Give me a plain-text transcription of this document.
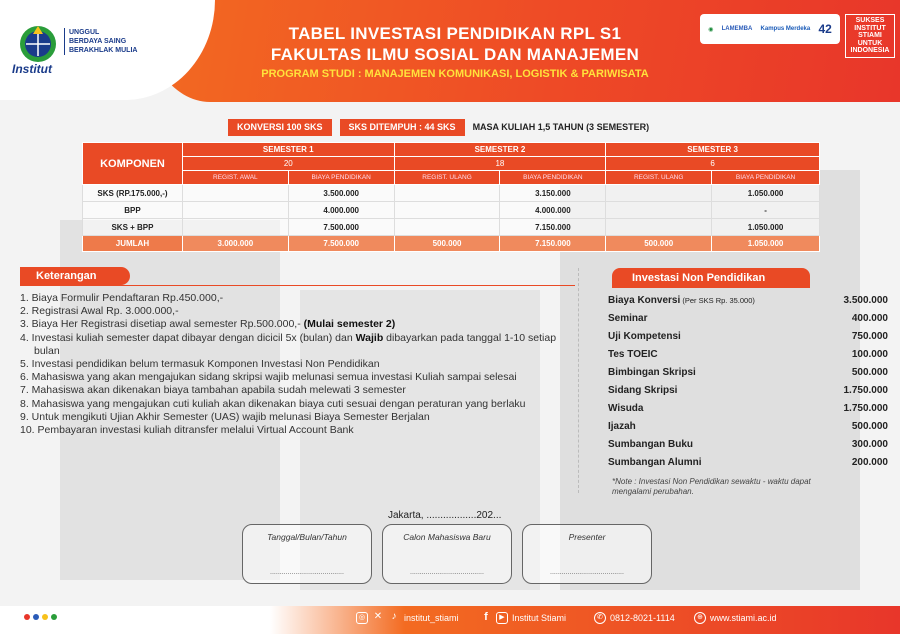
Institut
UNGGUL
BERDAYA SAING
BERAKHLAK MULIA
TABEL INVESTASI PENDIDIKAN RPL S1
FAKULTAS ILMU SOSIAL DAN MANAJEMEN
PROGRAM STUDI : MANAJEMEN KOMUNIKASI, LOGISTIK & PARIWISATA
◉ LAMEMBA Kampus Merdeka 42
SUKSES INSTITUT STIAMI UNTUK INDONESIA
KONVERSI 100 SKS	SKS DITEMPUH : 44 SKS	MASA KULIAH 1,5 TAHUN (3 SEMESTER)
KOMPONEN	SEMESTER 1		SEMESTER 2		SEMESTER 3	
	20		18		6	
	REGIST. AWAL	BIAYA PENDIDIKAN	REGIST. ULANG	BIAYA PENDIDIKAN	REGIST. ULANG	BIAYA PENDIDIKAN
SKS (RP.175.000,-)		3.500.000		3.150.000		1.050.000
BPP		4.000.000		4.000.000		-
SKS + BPP		7.500.000		7.150.000		1.050.000
JUMLAH	3.000.000	7.500.000	500.000	7.150.000	500.000	1.050.000
Keterangan
1. Biaya Formulir Pendaftaran Rp.450.000,-
2. Registrasi Awal Rp. 3.000.000,-
3. Biaya Her Registrasi disetiap awal semester Rp.500.000,- (Mulai semester 2)
4. Investasi kuliah semester dapat dibayar dengan dicicil 5x (bulan) dan Wajib dibayarkan pada tanggal 1-10 setiap bulan
5. Investasi pendidikan belum termasuk Komponen Investasi Non Pendidikan
6. Mahasiswa yang akan mengajukan sidang skripsi wajib melunasi semua investasi Kuliah sampai selesai
7. Mahasiswa akan dikenakan biaya tambahan apabila sudah melewati 3 semester
8. Mahasiswa yang mengajukan cuti kuliah akan dikenakan biaya cuti sesuai dengan peraturan yang berlaku
9. Untuk mengikuti Ujian Akhir Semester (UAS) wajib melunasi Biaya Semester Berjalan
10. Pembayaran investasi kuliah ditransfer melalui Virtual Account Bank
Investasi Non Pendidikan
Biaya Konversi (Per SKS Rp. 35.000)	3.500.000
Seminar	400.000
Uji Kompetensi	750.000
Tes TOEIC	100.000
Bimbingan Skripsi	500.000
Sidang Skripsi	1.750.000
Wisuda	1.750.000
Ijazah	500.000
Sumbangan Buku	300.000
Sumbangan Alumni	200.000
*Note : Investasi Non Pendidikan sewaktu - waktu dapat mengalami perubahan.
Jakarta, ..................202...
Tanggal/Bulan/Tahun
......................................
Calon Mahasiswa Baru
......................................
Presenter
......................................
◎ ✕ ♪ institut_stiami	f	▶ Institut Stiami	✆ 0812-8021-1114	⊕ www.stiami.ac.id
